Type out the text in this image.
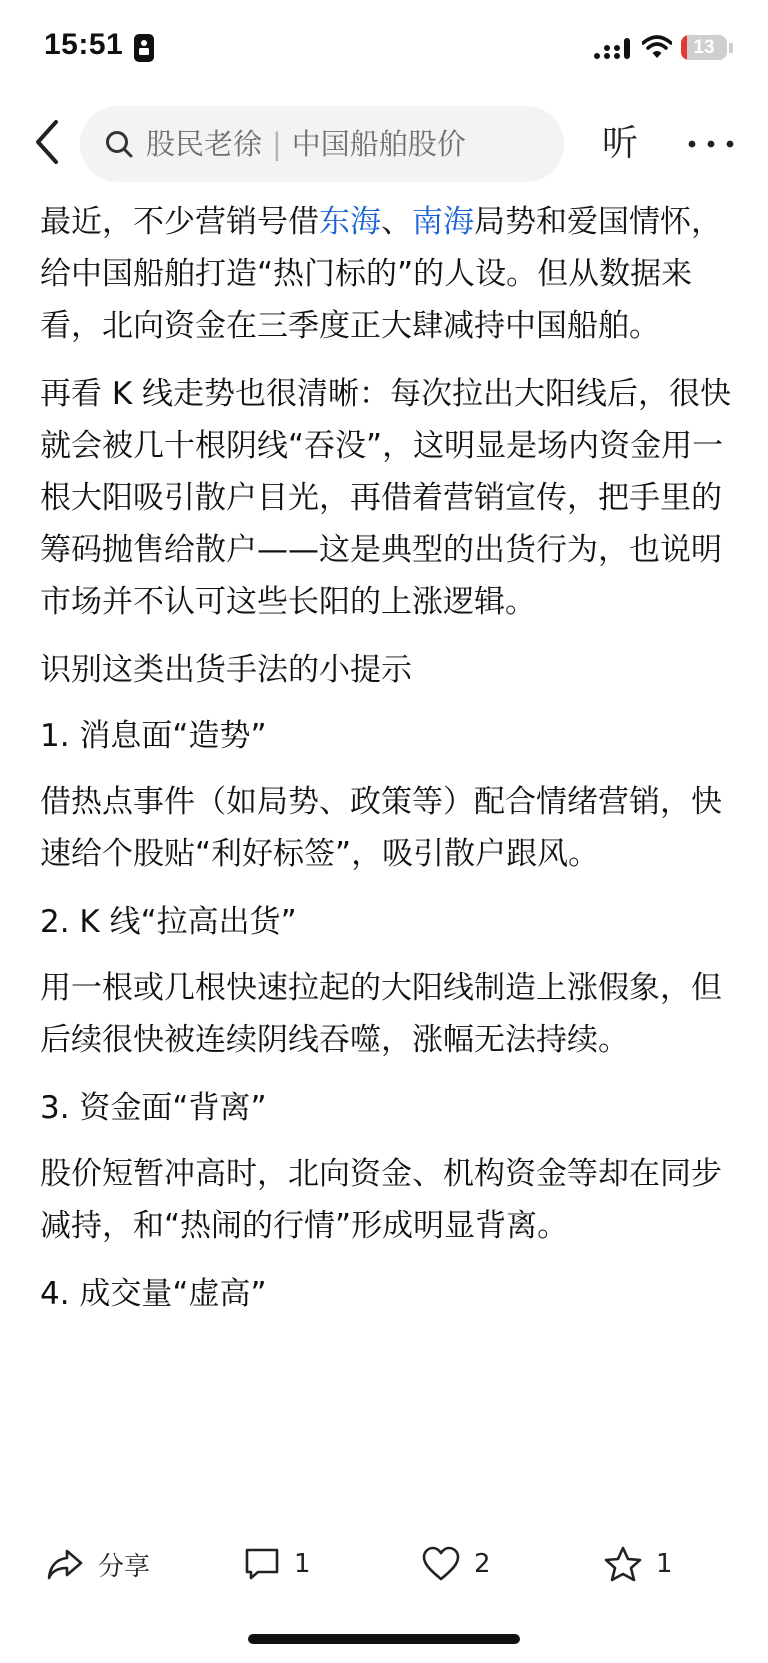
15:51	13
股民老徐 | 中国船舶股价	听

最近，不少营销号借东海、南海局势和爱国情怀，给中国船舶打造“热门标的”的人设。但从数据来看，北向资金在三季度正大肆减持中国船舶。

再看 K 线走势也很清晰：每次拉出大阳线后，很快就会被几十根阴线“吞没”，这明显是场内资金用一根大阳吸引散户目光，再借着营销宣传，把手里的筹码抛售给散户——这是典型的出货行为，也说明市场并不认可这些长阳的上涨逻辑。

识别这类出货手法的小提示

1. 消息面“造势”

借热点事件（如局势、政策等）配合情绪营销，快速给个股贴“利好标签”，吸引散户跟风。

2. K 线“拉高出货”

用一根或几根快速拉起的大阳线制造上涨假象，但后续很快被连续阴线吞噬，涨幅无法持续。

3. 资金面“背离”

股价短暂冲高时，北向资金、机构资金等却在同步减持，和“热闹的行情”形成明显背离。

4. 成交量“虚高”

分享	1	2	1
